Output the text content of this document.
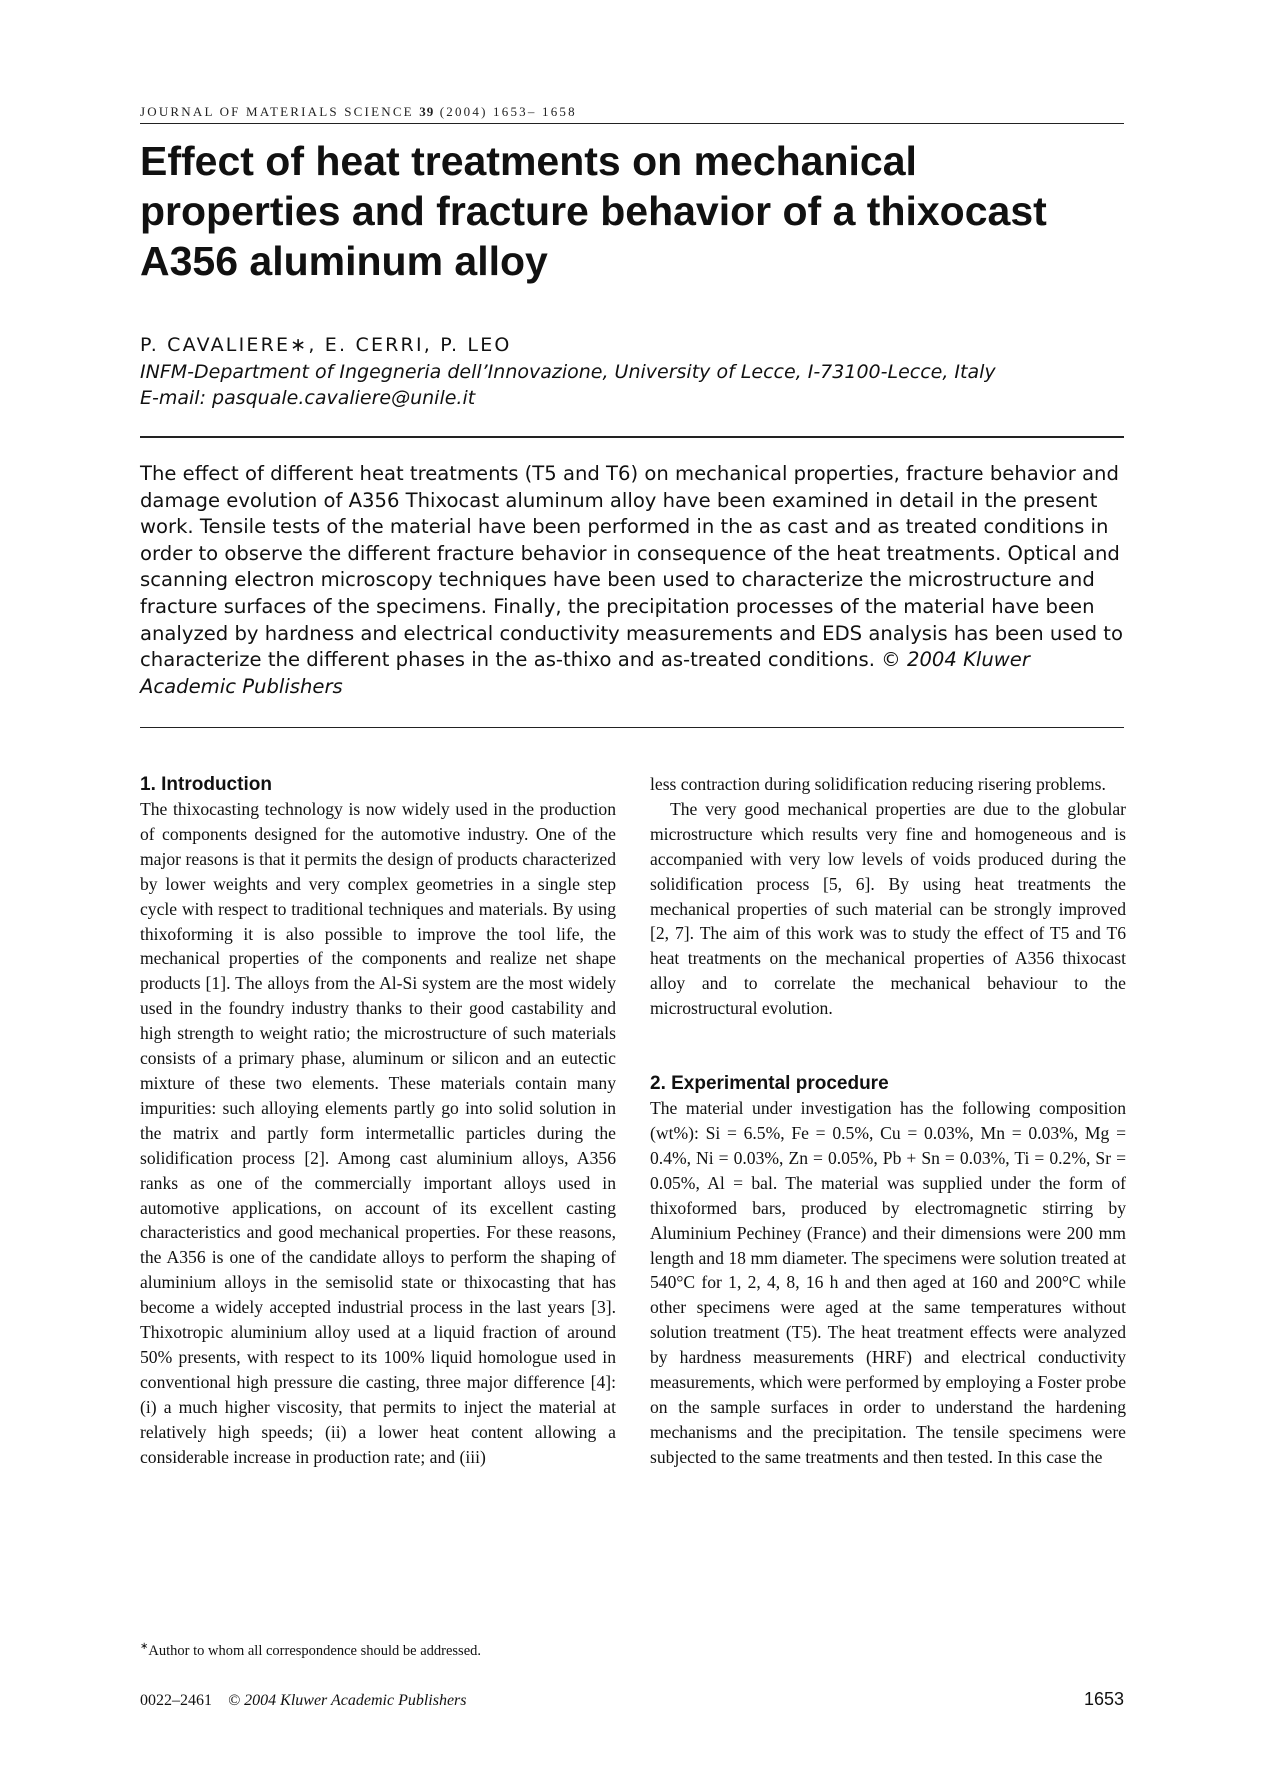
JOURNAL OF MATERIALS SCIENCE 39 (2004) 1653– 1658
Effect of heat treatments on mechanical properties and fracture behavior of a thixocast A356 aluminum alloy
P. CAVALIERE∗, E. CERRI, P. LEO
INFM-Department of Ingegneria dell’Innovazione, University of Lecce, I-73100-Lecce, Italy
E-mail: pasquale.cavaliere@unile.it

The effect of different heat treatments (T5 and T6) on mechanical properties, fracture behavior and damage evolution of A356 Thixocast aluminum alloy have been examined in detail in the present work. Tensile tests of the material have been performed in the as cast and as treated conditions in order to observe the different fracture behavior in consequence of the heat treatments. Optical and scanning electron microscopy techniques have been used to characterize the microstructure and fracture surfaces of the specimens. Finally, the precipitation processes of the material have been analyzed by hardness and electrical conductivity measurements and EDS analysis has been used to characterize the different phases in the as-thixo and as-treated conditions. © 2004 Kluwer Academic Publishers

1. Introduction

The thixocasting technology is now widely used in the production of components designed for the automotive industry. One of the major reasons is that it permits the design of products characterized by lower weights and very complex geometries in a single step cycle with respect to traditional techniques and materials. By using thixoforming it is also possible to improve the tool life, the mechanical properties of the components and realize net shape products [1]. The alloys from the Al-Si system are the most widely used in the foundry industry thanks to their good castability and high strength to weight ratio; the microstructure of such materials consists of a primary phase, aluminum or silicon and an eutectic mixture of these two elements. These materials contain many impurities: such alloying elements partly go into solid solution in the matrix and partly form intermetallic particles during the solidification process [2]. Among cast aluminium alloys, A356 ranks as one of the commercially important alloys used in automotive applications, on account of its excellent casting characteristics and good mechanical properties. For these reasons, the A356 is one of the candidate alloys to perform the shaping of aluminium alloys in the semisolid state or thixocasting that has become a widely accepted industrial process in the last years [3]. Thixotropic aluminium alloy used at a liquid fraction of around 50% presents, with respect to its 100% liquid homologue used in conventional high pressure die casting, three major difference [4]: (i) a much higher viscosity, that permits to inject the material at relatively high speeds; (ii) a lower heat content allowing a considerable increase in production rate; and (iii)

less contraction during solidification reducing risering problems.

The very good mechanical properties are due to the globular microstructure which results very fine and homogeneous and is accompanied with very low levels of voids produced during the solidification process [5, 6]. By using heat treatments the mechanical properties of such material can be strongly improved [2, 7]. The aim of this work was to study the effect of T5 and T6 heat treatments on the mechanical properties of A356 thixocast alloy and to correlate the mechanical behaviour to the microstructural evolution.

2. Experimental procedure

The material under investigation has the following composition (wt%): Si = 6.5%, Fe = 0.5%, Cu = 0.03%, Mn = 0.03%, Mg = 0.4%, Ni = 0.03%, Zn = 0.05%, Pb + Sn = 0.03%, Ti = 0.2%, Sr = 0.05%, Al = bal. The material was supplied under the form of thixoformed bars, produced by electromagnetic stirring by Aluminium Pechiney (France) and their dimensions were 200 mm length and 18 mm diameter. The specimens were solution treated at 540°C for 1, 2, 4, 8, 16 h and then aged at 160 and 200°C while other specimens were aged at the same temperatures without solution treatment (T5). The heat treatment effects were analyzed by hardness measurements (HRF) and electrical conductivity measurements, which were performed by employing a Foster probe on the sample surfaces in order to understand the hardening mechanisms and the precipitation. The tensile specimens were subjected to the same treatments and then tested. In this case the

∗Author to whom all correspondence should be addressed.
0022–2461 © 2004 Kluwer Academic Publishers	1653
